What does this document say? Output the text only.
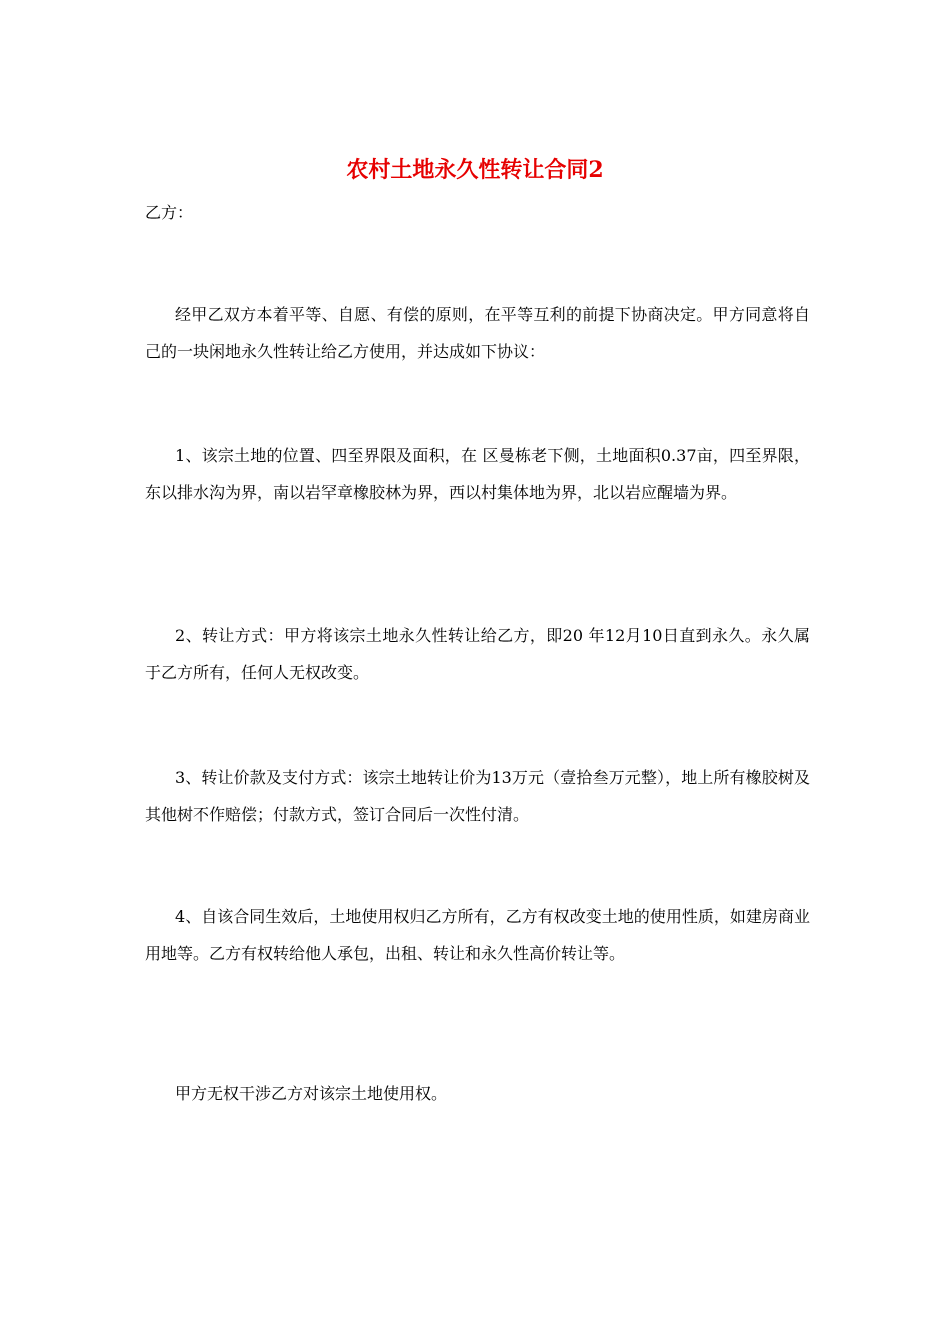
农村土地永久性转让合同2
乙方：
经甲乙双方本着平等、自愿、有偿的原则，在平等互利的前提下协商决定。甲方同意将自己的一块闲地永久性转让给乙方使用，并达成如下协议：
1、该宗土地的位置、四至界限及面积，在 区曼栋老下侧，土地面积0.37亩，四至界限，东以排水沟为界，南以岩罕章橡胶林为界，西以村集体地为界，北以岩应醒墙为界。
2、转让方式：甲方将该宗土地永久性转让给乙方，即20 年12月10日直到永久。永久属于乙方所有，任何人无权改变。
3、转让价款及支付方式：该宗土地转让价为13万元（壹拾叁万元整），地上所有橡胶树及其他树不作赔偿；付款方式，签订合同后一次性付清。
4、自该合同生效后，土地使用权归乙方所有，乙方有权改变土地的使用性质，如建房商业用地等。乙方有权转给他人承包，出租、转让和永久性高价转让等。
甲方无权干涉乙方对该宗土地使用权。
